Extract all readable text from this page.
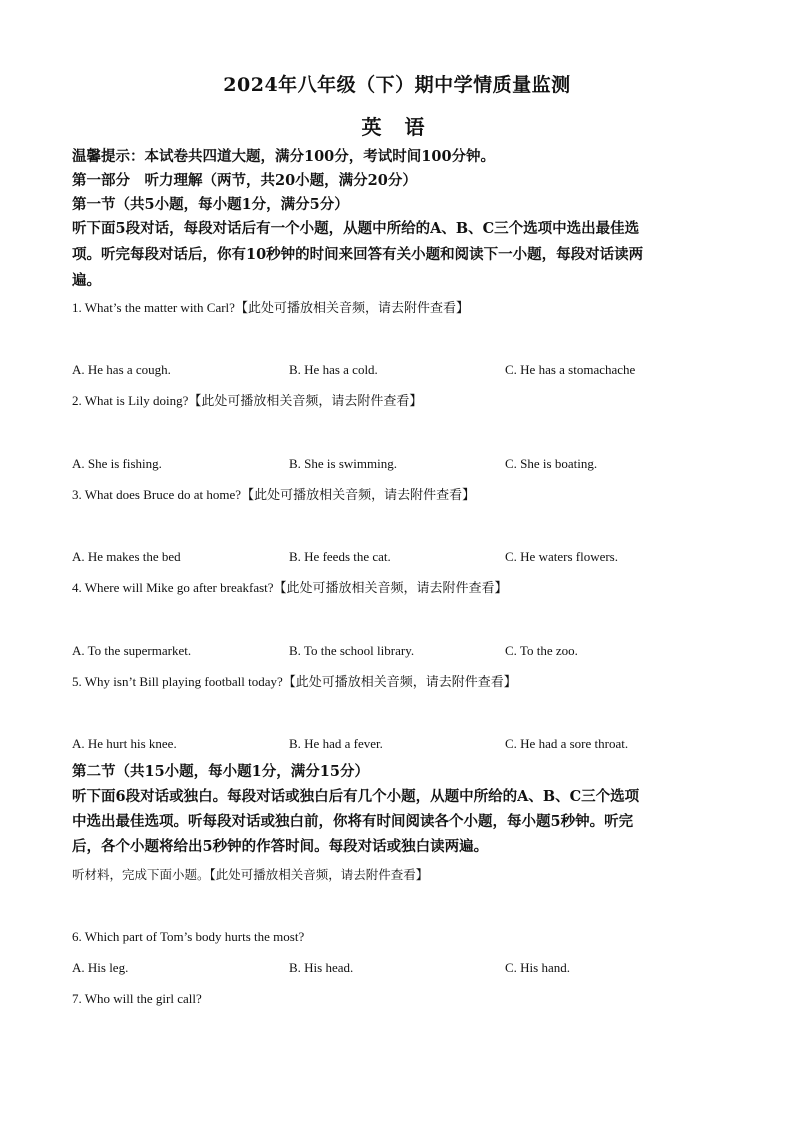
2024年八年级（下）期中学情质量监测
英 语
温馨提示：本试卷共四道大题，满分100分，考试时间100分钟。
第一部分　听力理解（两节，共20小题，满分20分）
第一节（共5小题，每小题1分，满分5分）
听下面5段对话，每段对话后有一个小题，从题中所给的A、B、C三个选项中选出最佳选
项。听完每段对话后，你有10秒钟的时间来回答有关小题和阅读下一小题，每段对话读两
遍。
1. What’s the matter with Carl?【此处可播放相关音频，请去附件查看】
A. He has a cough.	B. He has a cold.	C. He has a stomachache
2. What is Lily doing?【此处可播放相关音频，请去附件查看】
A. She is fishing.	B. She is swimming.	C. She is boating.
3. What does Bruce do at home?【此处可播放相关音频，请去附件查看】
A. He makes the bed	B. He feeds the cat.	C. He waters flowers.
4. Where will Mike go after breakfast?【此处可播放相关音频，请去附件查看】
A. To the supermarket.	B. To the school library.	C. To the zoo.
5. Why isn’t Bill playing football today?【此处可播放相关音频，请去附件查看】
A. He hurt his knee.	B. He had a fever.	C. He had a sore throat.
第二节（共15小题，每小题1分，满分15分）
听下面6段对话或独白。每段对话或独白后有几个小题，从题中所给的A、B、C三个选项
中选出最佳选项。听每段对话或独白前，你将有时间阅读各个小题，每小题5秒钟。听完
后，各个小题将给出5秒钟的作答时间。每段对话或独白读两遍。
听材料，完成下面小题。【此处可播放相关音频，请去附件查看】
6. Which part of Tom’s body hurts the most?
A. His leg.	B. His head.	C. His hand.
7. Who will the girl call?
